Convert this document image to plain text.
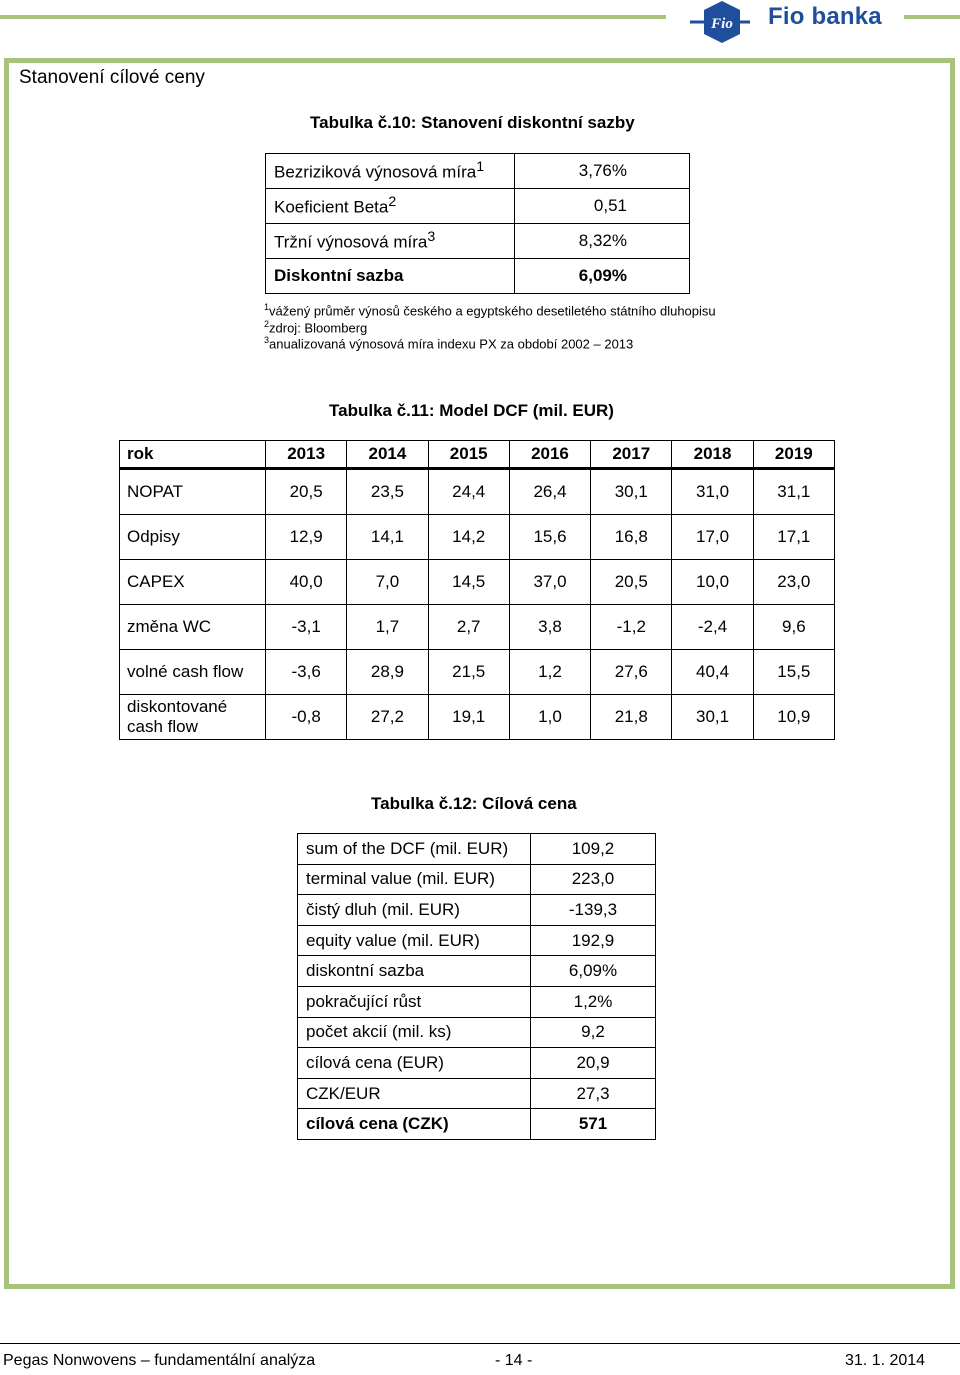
Fio Fio banka
Stanovení cílové ceny
Tabulka č.10: Stanovení diskontní sazby
Bezriziková výnosová míra$^1$	3,76%
Koeficient Beta$^2$	0,51
Tržní výnosová míra$^3$	8,32%
Diskontní sazba	6,09%
$^1$vážený průměr výnosů českého a egyptského desetiletého státního dluhopisu
$^2$zdroj: Bloomberg
$^3$anualizovaná výnosová míra indexu PX za období 2002 – 2013
Tabulka č.11: Model DCF (mil. EUR)
rok	2013	2014	2015	2016	2017	2018	2019
NOPAT	20,5	23,5	24,4	26,4	30,1	31,0	31,1
Odpisy	12,9	14,1	14,2	15,6	16,8	17,0	17,1
CAPEX	40,0	7,0	14,5	37,0	20,5	10,0	23,0
změna WC	-3,1	1,7	2,7	3,8	-1,2	-2,4	9,6
volné cash flow	-3,6	28,9	21,5	1,2	27,6	40,4	15,5
diskontované
cash flow	-0,8	27,2	19,1	1,0	21,8	30,1	10,9
Tabulka č.12: Cílová cena
sum of the DCF (mil. EUR)	109,2
terminal value (mil. EUR)	223,0
čistý dluh (mil. EUR)	-139,3
equity value (mil. EUR)	192,9
diskontní sazba	6,09%
pokračující růst	1,2%
počet akcií (mil. ks)	9,2
cílová cena (EUR)	20,9
CZK/EUR	27,3
cílová cena (CZK)	571
Pegas Nonwovens – fundamentální analýza	- 14 -	31. 1. 2014
